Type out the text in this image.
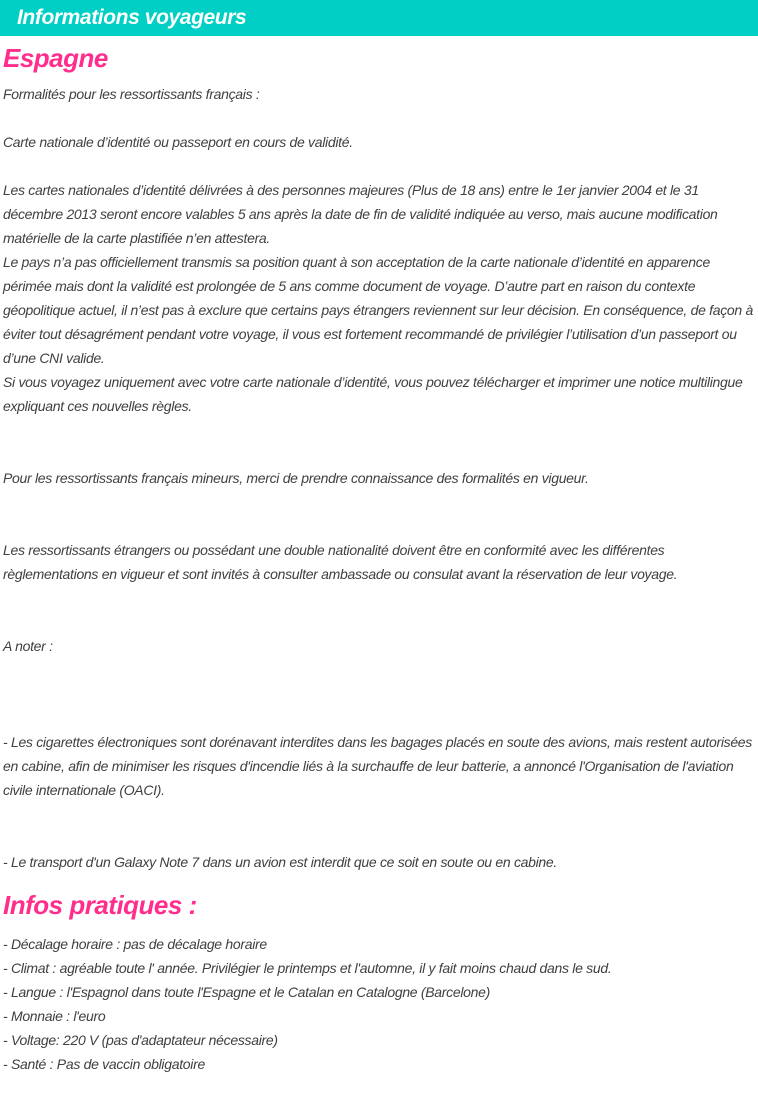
Informations voyageurs
Espagne

Formalités pour les ressortissants français :

Carte nationale d’identité ou passeport en cours de validité.

Les cartes nationales d’identité délivrées à des personnes majeures (Plus de 18 ans) entre le 1er janvier 2004 et le 31 décembre 2013 seront encore valables 5 ans après la date de fin de validité indiquée au verso, mais aucune modification matérielle de la carte plastifiée n’en attestera.

Le pays n’a pas officiellement transmis sa position quant à son acceptation de la carte nationale d’identité en apparence périmée mais dont la validité est prolongée de 5 ans comme document de voyage. D’autre part en raison du contexte géopolitique actuel, il n’est pas à exclure que certains pays étrangers reviennent sur leur décision. En conséquence, de façon à éviter tout désagrément pendant votre voyage, il vous est fortement recommandé de privilégier l’utilisation d’un passeport ou d’une CNI valide.

Si vous voyagez uniquement avec votre carte nationale d’identité, vous pouvez télécharger et imprimer une notice multilingue expliquant ces nouvelles règles.

Pour les ressortissants français mineurs, merci de prendre connaissance des formalités en vigueur.

Les ressortissants étrangers ou possédant une double nationalité doivent être en conformité avec les différentes règlementations en vigueur et sont invités à consulter ambassade ou consulat avant la réservation de leur voyage.

A noter :

- Les cigarettes électroniques sont dorénavant interdites dans les bagages placés en soute des avions, mais restent autorisées en cabine, afin de minimiser les risques d'incendie liés à la surchauffe de leur batterie, a annoncé l'Organisation de l'aviation civile internationale (OACI).

- Le transport d'un Galaxy Note 7 dans un avion est interdit que ce soit en soute ou en cabine.

Infos pratiques :

- Décalage horaire : pas de décalage horaire

- Climat : agréable toute l' année. Privilégier le printemps et l'automne, il y fait moins chaud dans le sud.

- Langue : l'Espagnol dans toute l'Espagne et le Catalan en Catalogne (Barcelone)

- Monnaie : l'euro

- Voltage: 220 V (pas d'adaptateur nécessaire)

- Santé : Pas de vaccin obligatoire
